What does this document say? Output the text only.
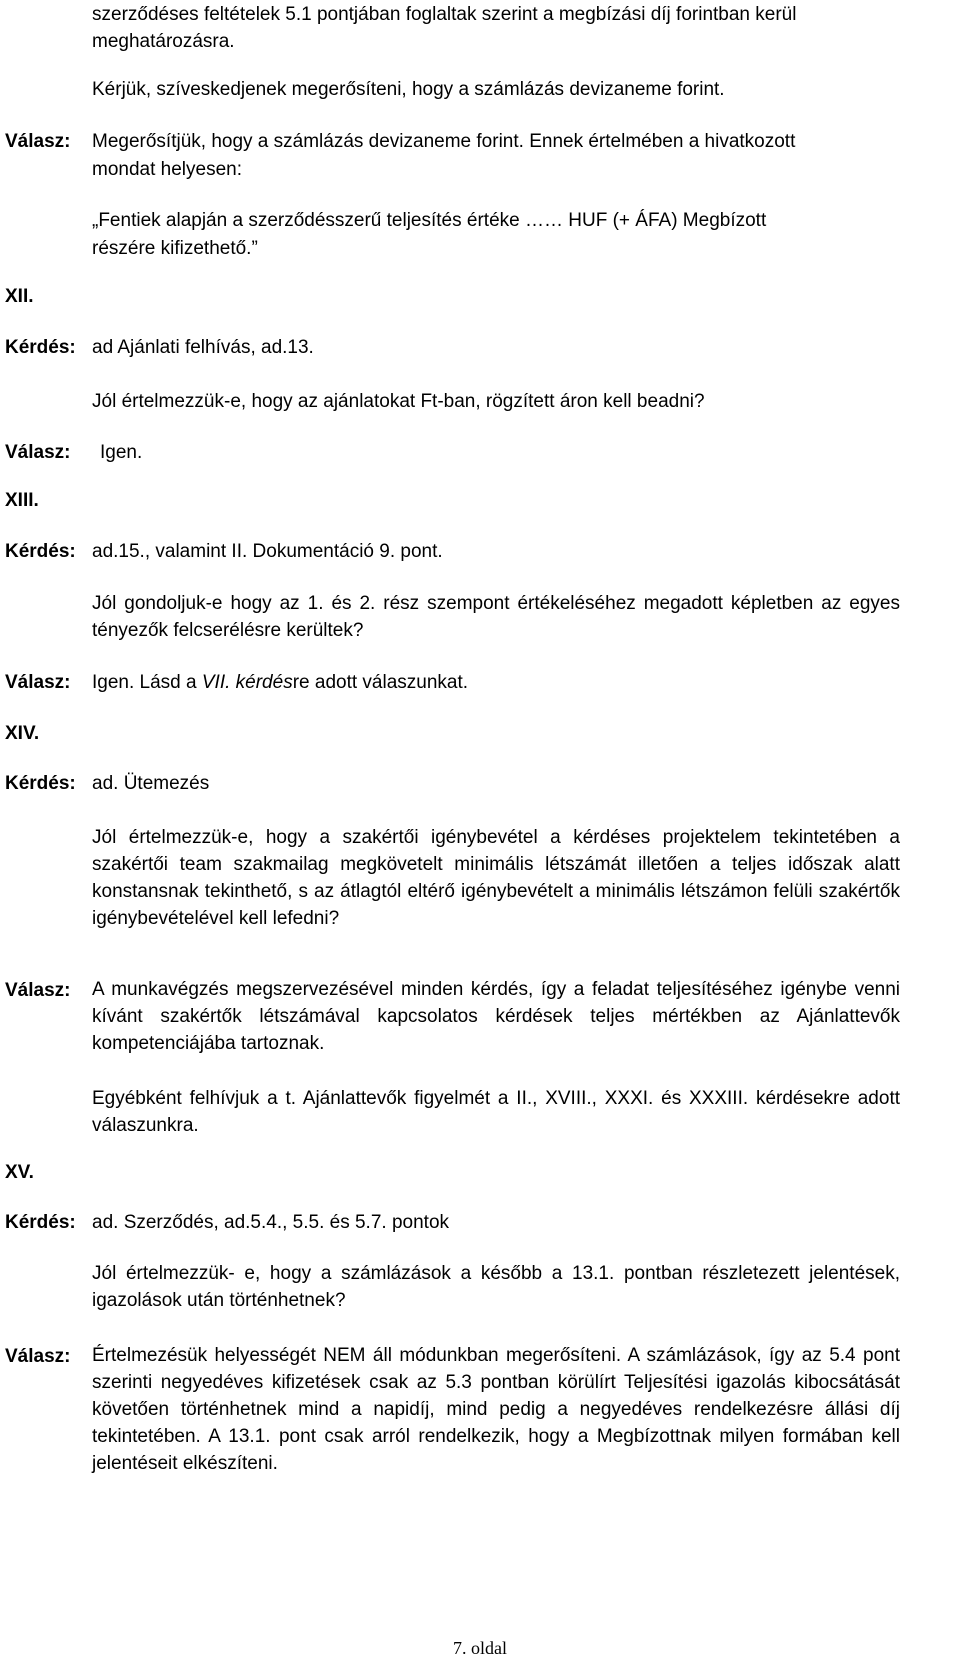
szerződéses feltételek 5.1 pontjában foglaltak szerint a megbízási díj forintban kerül
meghatározásra.
Kérjük, szíveskedjenek megerősíteni, hogy a számlázás devizaneme forint.
Válasz: Megerősítjük, hogy a számlázás devizaneme forint. Ennek értelmében a hivatkozott
mondat helyesen:
„Fentiek alapján a szerződésszerű teljesítés értéke …… HUF (+ ÁFA) Megbízott
részére kifizethető.”
XII.
Kérdés: ad Ajánlati felhívás, ad.13.
Jól értelmezzük-e, hogy az ajánlatokat Ft-ban, rögzített áron kell beadni?
Válasz: Igen.
XIII.
Kérdés: ad.15., valamint II. Dokumentáció 9. pont.
Jól gondoljuk-e hogy az 1. és 2. rész szempont értékeléséhez megadott képletben az egyes tényezők felcserélésre kerültek?
Válasz: Igen. Lásd a VII. kérdésre adott válaszunkat.
XIV.
Kérdés: ad. Ütemezés
Jól értelmezzük-e, hogy a szakértői igénybevétel a kérdéses projektelem tekintetében a szakértői team szakmailag megkövetelt minimális létszámát illetően a teljes időszak alatt konstansnak tekinthető, s az átlagtól eltérő igénybevételt a minimális létszámon felüli szakértők igénybevételével kell lefedni?
Válasz: A munkavégzés megszervezésével minden kérdés, így a feladat teljesítéséhez igénybe venni kívánt szakértők létszámával kapcsolatos kérdések teljes mértékben az Ajánlattevők kompetenciájába tartoznak.
Egyébként felhívjuk a t. Ajánlattevők figyelmét a II., XVIII., XXXI. és XXXIII. kérdésekre adott válaszunkra.
XV.
Kérdés: ad. Szerződés, ad.5.4., 5.5. és 5.7. pontok
Jól értelmezzük- e, hogy a számlázások a később a 13.1. pontban részletezett jelentések, igazolások után történhetnek?
Válasz: Értelmezésük helyességét NEM áll módunkban megerősíteni. A számlázások, így az 5.4 pont szerinti negyedéves kifizetések csak az 5.3 pontban körülírt Teljesítési igazolás kibocsátását követően történhetnek mind a napidíj, mind pedig a negyedéves rendelkezésre állási díj tekintetében. A 13.1. pont csak arról rendelkezik, hogy a Megbízottnak milyen formában kell jelentéseit elkészíteni.
7. oldal
